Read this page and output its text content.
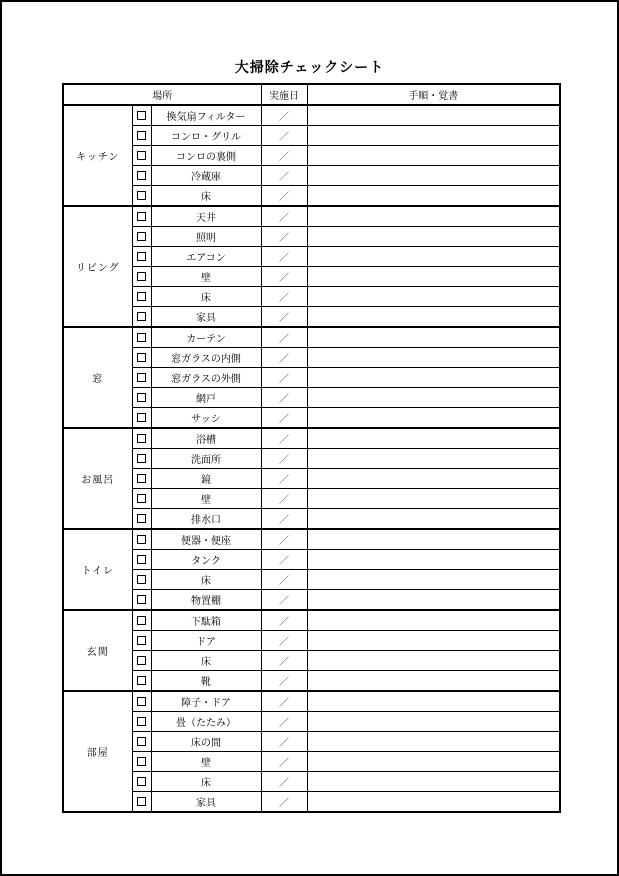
大掃除チェックシート
場所			実施日	手順・覚書
キッチン		換気扇フィルター	／	
		コンロ・グリル	／	
		コンロの裏側	／	
		冷蔵庫	／	
		床	／	
リビング		天井	／	
		照明	／	
		エアコン	／	
		壁	／	
		床	／	
		家具	／	
窓		カーテン	／	
		窓ガラスの内側	／	
		窓ガラスの外側	／	
		網戸	／	
		サッシ	／	
お風呂		浴槽	／	
		洗面所	／	
		鏡	／	
		壁	／	
		排水口	／	
トイレ		便器・便座	／	
		タンク	／	
		床	／	
		物置棚	／	
玄関		下駄箱	／	
		ドア	／	
		床	／	
		靴	／	
部屋		障子・ドア	／	
		畳（たたみ）	／	
		床の間	／	
		壁	／	
		床	／	
		家具	／	
